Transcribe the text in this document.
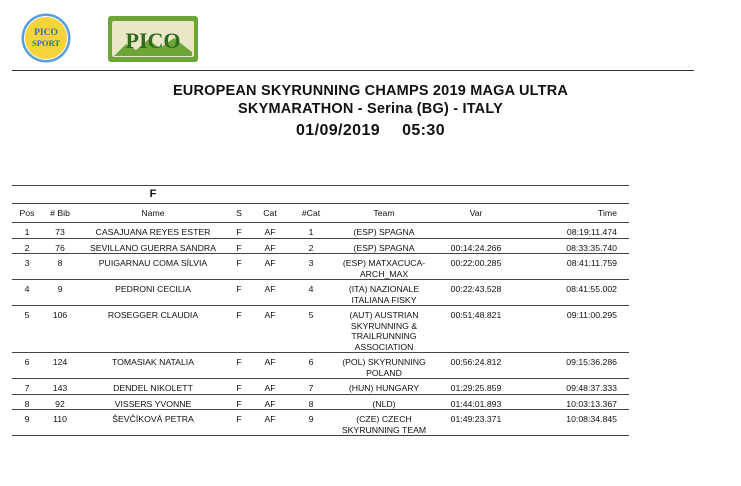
PICO
SPORT	PICO
EUROPEAN SKYRUNNING CHAMPS 2019 MAGA ULTRA
SKYMARATHON - Serina (BG) - ITALY
01/09/2019 05:30
		F						
Pos	# Bib	Name	S	Cat	#Cat	Team	Var	Time
1	73	CASAJUANA REYES ESTER	F	AF	1	(ESP) SPAGNA		08:19:11.474
2	76	SEVILLANO GUERRA SANDRA	F	AF	2	(ESP) SPAGNA	00:14:24.266	08:33:35.740
3	8	PUIGARNAU COMA SÍLVIA	F	AF	3	(ESP) MATXACUCA-ARCH_MAX	00:22:00.285	08:41:11.759
4	9	PEDRONI CECILIA	F	AF	4	(ITA) NAZIONALE ITALIANA FISKY	00:22:43.528	08:41:55.002
5	106	ROSEGGER CLAUDIA	F	AF	5	(AUT) AUSTRIAN SKYRUNNING & TRAILRUNNING ASSOCIATION	00:51:48.821	09:11:00.295
6	124	TOMASIAK NATALIA	F	AF	6	(POL) SKYRUNNING POLAND	00:56:24.812	09:15:36.286
7	143	DENDEL NIKOLETT	F	AF	7	(HUN) HUNGARY	01:29:25.859	09:48:37.333
8	92	VISSERS YVONNE	F	AF	8	(NLD)	01:44:01.893	10:03:13.367
9	110	ŠEVČÍKOVÁ PETRA	F	AF	9	(CZE) CZECH SKYRUNNING TEAM	01:49:23.371	10:08:34.845
